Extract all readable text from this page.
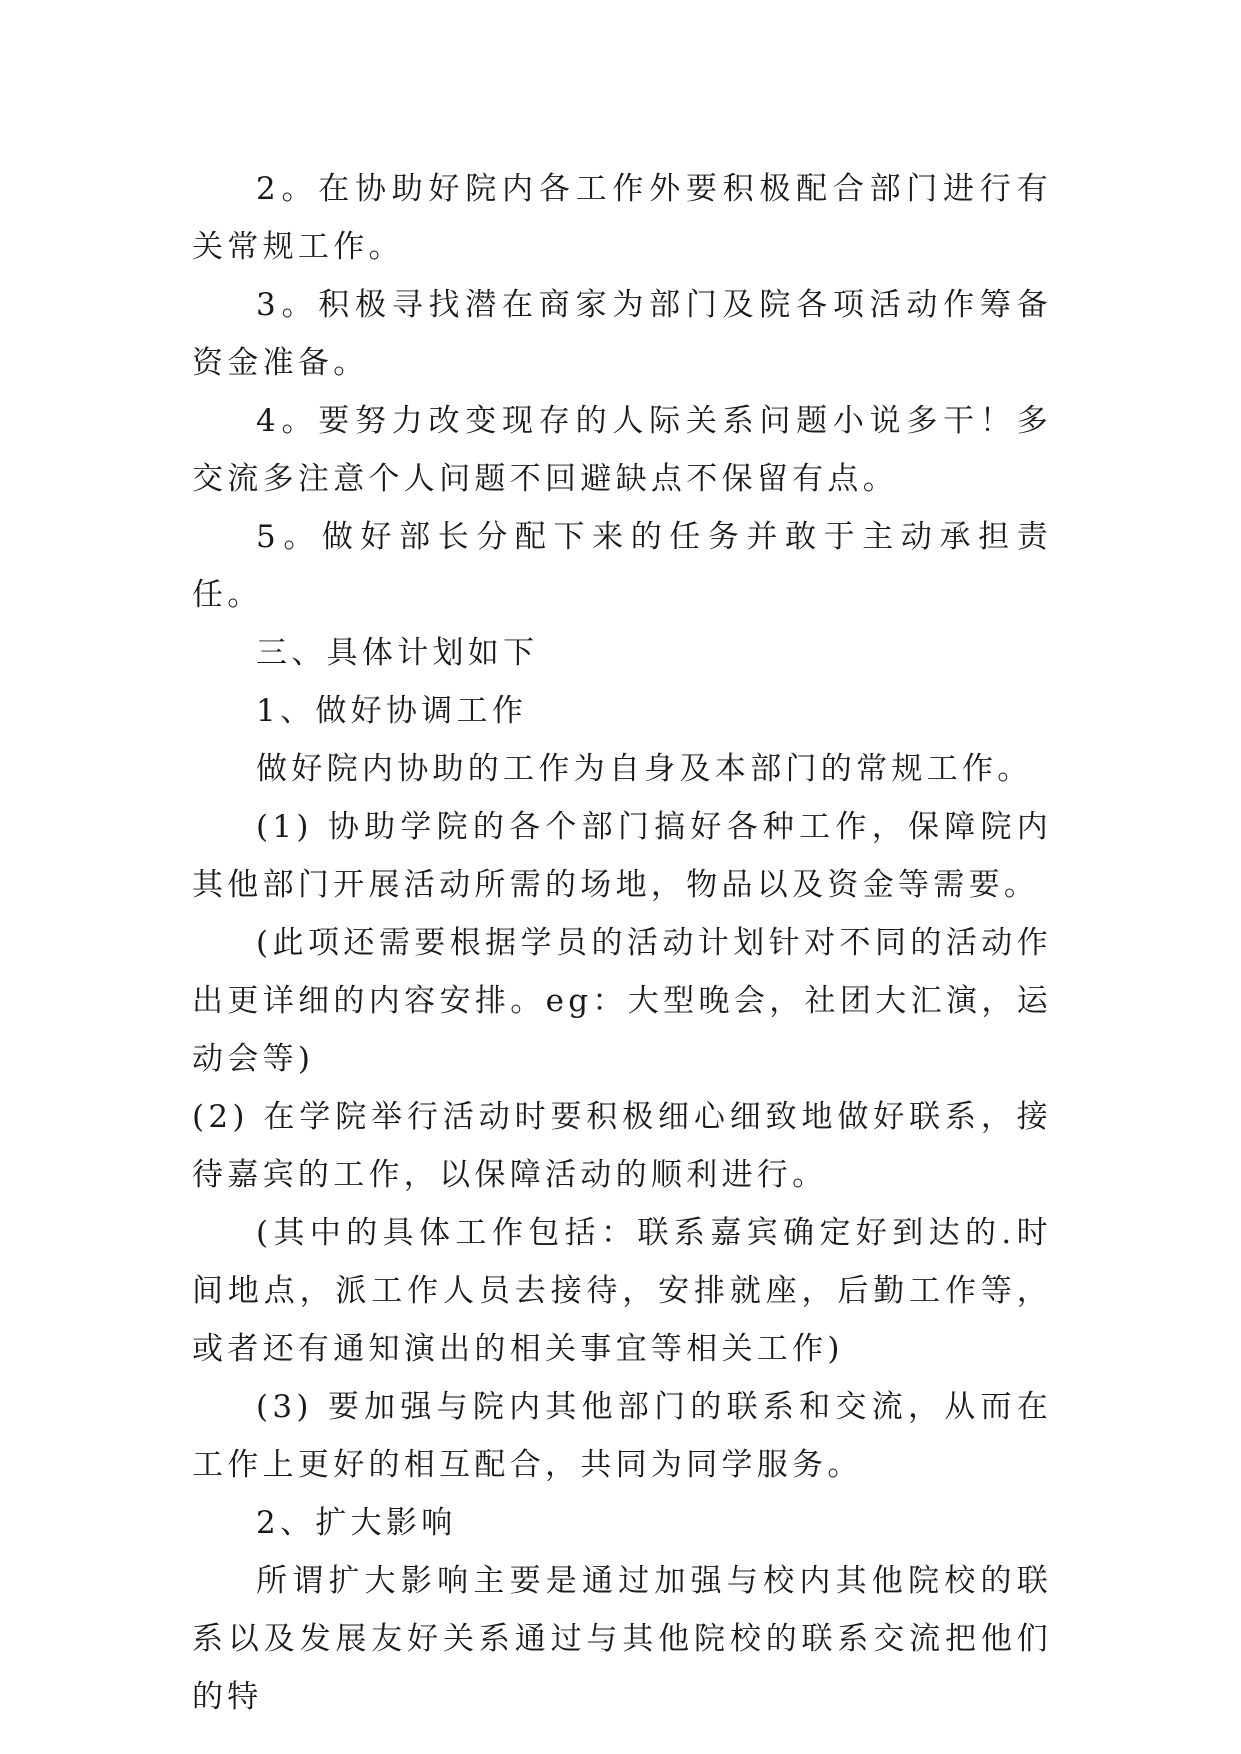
2。在协助好院内各工作外要积极配合部门进行有关常规工作。

3。积极寻找潜在商家为部门及院各项活动作筹备资金准备。

4。要努力改变现存的人际关系问题小说多干！多交流多注意个人问题不回避缺点不保留有点。

5。做好部长分配下来的任务并敢于主动承担责任。

三、具体计划如下

1、做好协调工作

做好院内协助的工作为自身及本部门的常规工作。

(1) 协助学院的各个部门搞好各种工作，保障院内其他部门开展活动所需的场地，物品以及资金等需要。

(此项还需要根据学员的活动计划针对不同的活动作出更详细的内容安排。eg：大型晚会，社团大汇演，运动会等)

(2) 在学院举行活动时要积极细心细致地做好联系，接待嘉宾的工作，以保障活动的顺利进行。

(其中的具体工作包括：联系嘉宾确定好到达的.时间地点，派工作人员去接待，安排就座，后勤工作等，或者还有通知演出的相关事宜等相关工作)

(3) 要加强与院内其他部门的联系和交流，从而在工作上更好的相互配合，共同为同学服务。

2、扩大影响

所谓扩大影响主要是通过加强与校内其他院校的联系以及发展友好关系通过与其他院校的联系交流把他们的特
